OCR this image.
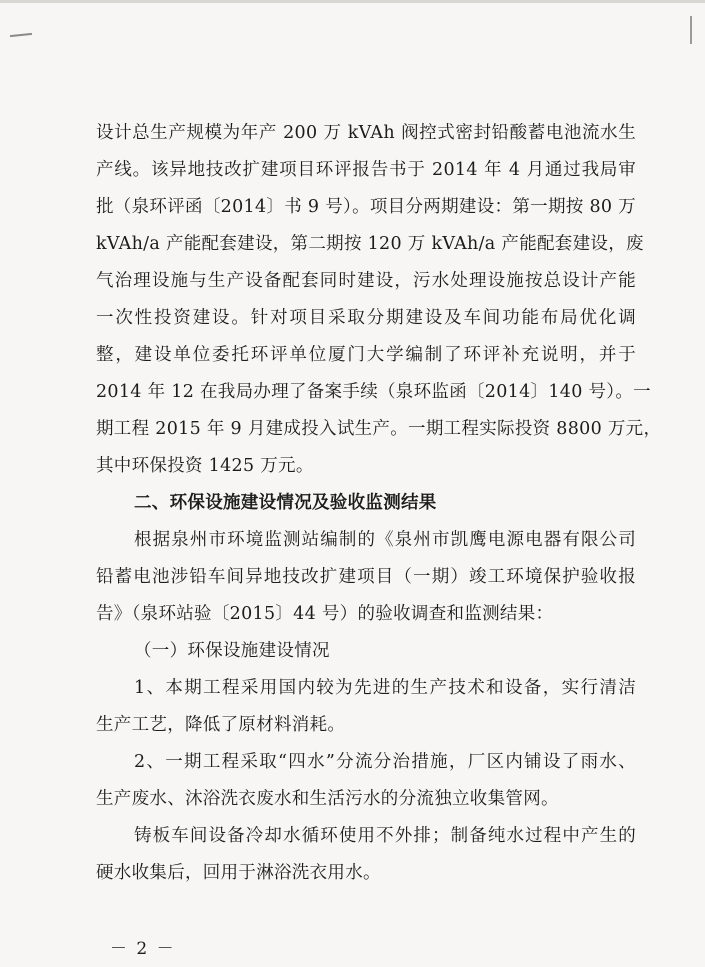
设计总生产规模为年产 200 万 kVAh 阀控式密封铅酸蓄电池流水生
产线。该异地技改扩建项目环评报告书于 2014 年 4 月通过我局审
批（泉环评函〔2014〕书 9 号）。项目分两期建设：第一期按 80 万
kVAh/a 产能配套建设，第二期按 120 万 kVAh/a 产能配套建设，废
气治理设施与生产设备配套同时建设，污水处理设施按总设计产能
一次性投资建设。针对项目采取分期建设及车间功能布局优化调
整，建设单位委托环评单位厦门大学编制了环评补充说明，并于
2014 年 12 在我局办理了备案手续（泉环监函〔2014〕140 号）。一
期工程 2015 年 9 月建成投入试生产。一期工程实际投资 8800 万元，
其中环保投资 1425 万元。
二、环保设施建设情况及验收监测结果
根据泉州市环境监测站编制的《泉州市凯鹰电源电器有限公司
铅蓄电池涉铅车间异地技改扩建项目（一期）竣工环境保护验收报
告》（泉环站验〔2015〕44 号）的验收调查和监测结果：
（一）环保设施建设情况
1、本期工程采用国内较为先进的生产技术和设备，实行清洁
生产工艺，降低了原材料消耗。
2、一期工程采取“四水”分流分治措施，厂区内铺设了雨水、
生产废水、沐浴洗衣废水和生活污水的分流独立收集管网。
铸板车间设备冷却水循环使用不外排；制备纯水过程中产生的
硬水收集后，回用于淋浴洗衣用水。
－ 2 －
